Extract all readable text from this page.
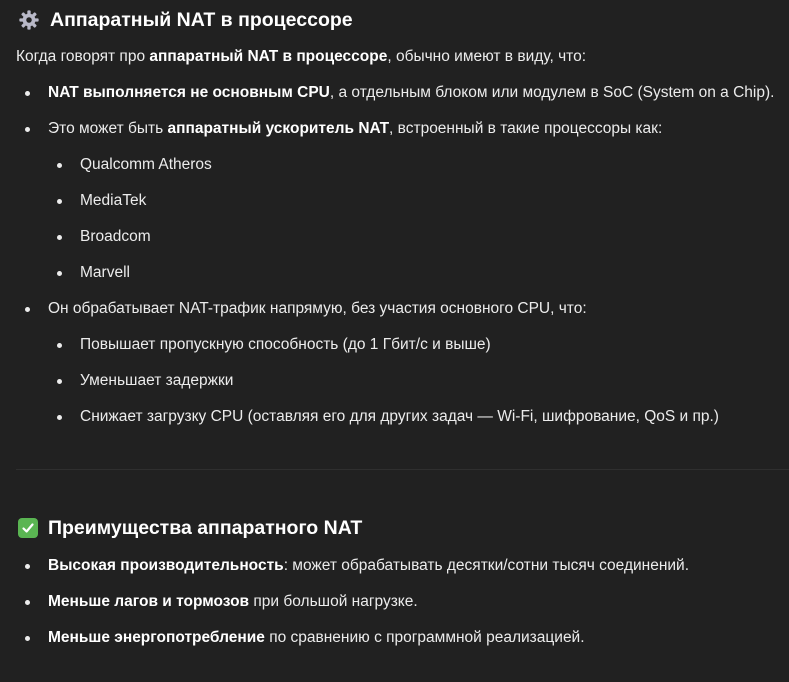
Аппаратный NAT в процессоре

Когда говорят про аппаратный NAT в процессоре, обычно имеют в виду, что:

NAT выполняется не основным CPU, а отдельным блоком или модулем в SoC (System on a Chip).
Это может быть аппаратный ускоритель NAT, встроенный в такие процессоры как:
Qualcomm Atheros
MediaTek
Broadcom
Marvell
Он обрабатывает NAT-трафик напрямую, без участия основного CPU, что:
Повышает пропускную способность (до 1 Гбит/с и выше)
Уменьшает задержки
Снижает загрузку CPU (оставляя его для других задач — Wi-Fi, шифрование, QoS и пр.)
Преимущества аппаратного NAT
Высокая производительность: может обрабатывать десятки/сотни тысяч соединений.
Меньше лагов и тормозов при большой нагрузке.
Меньше энергопотребление по сравнению с программной реализацией.
